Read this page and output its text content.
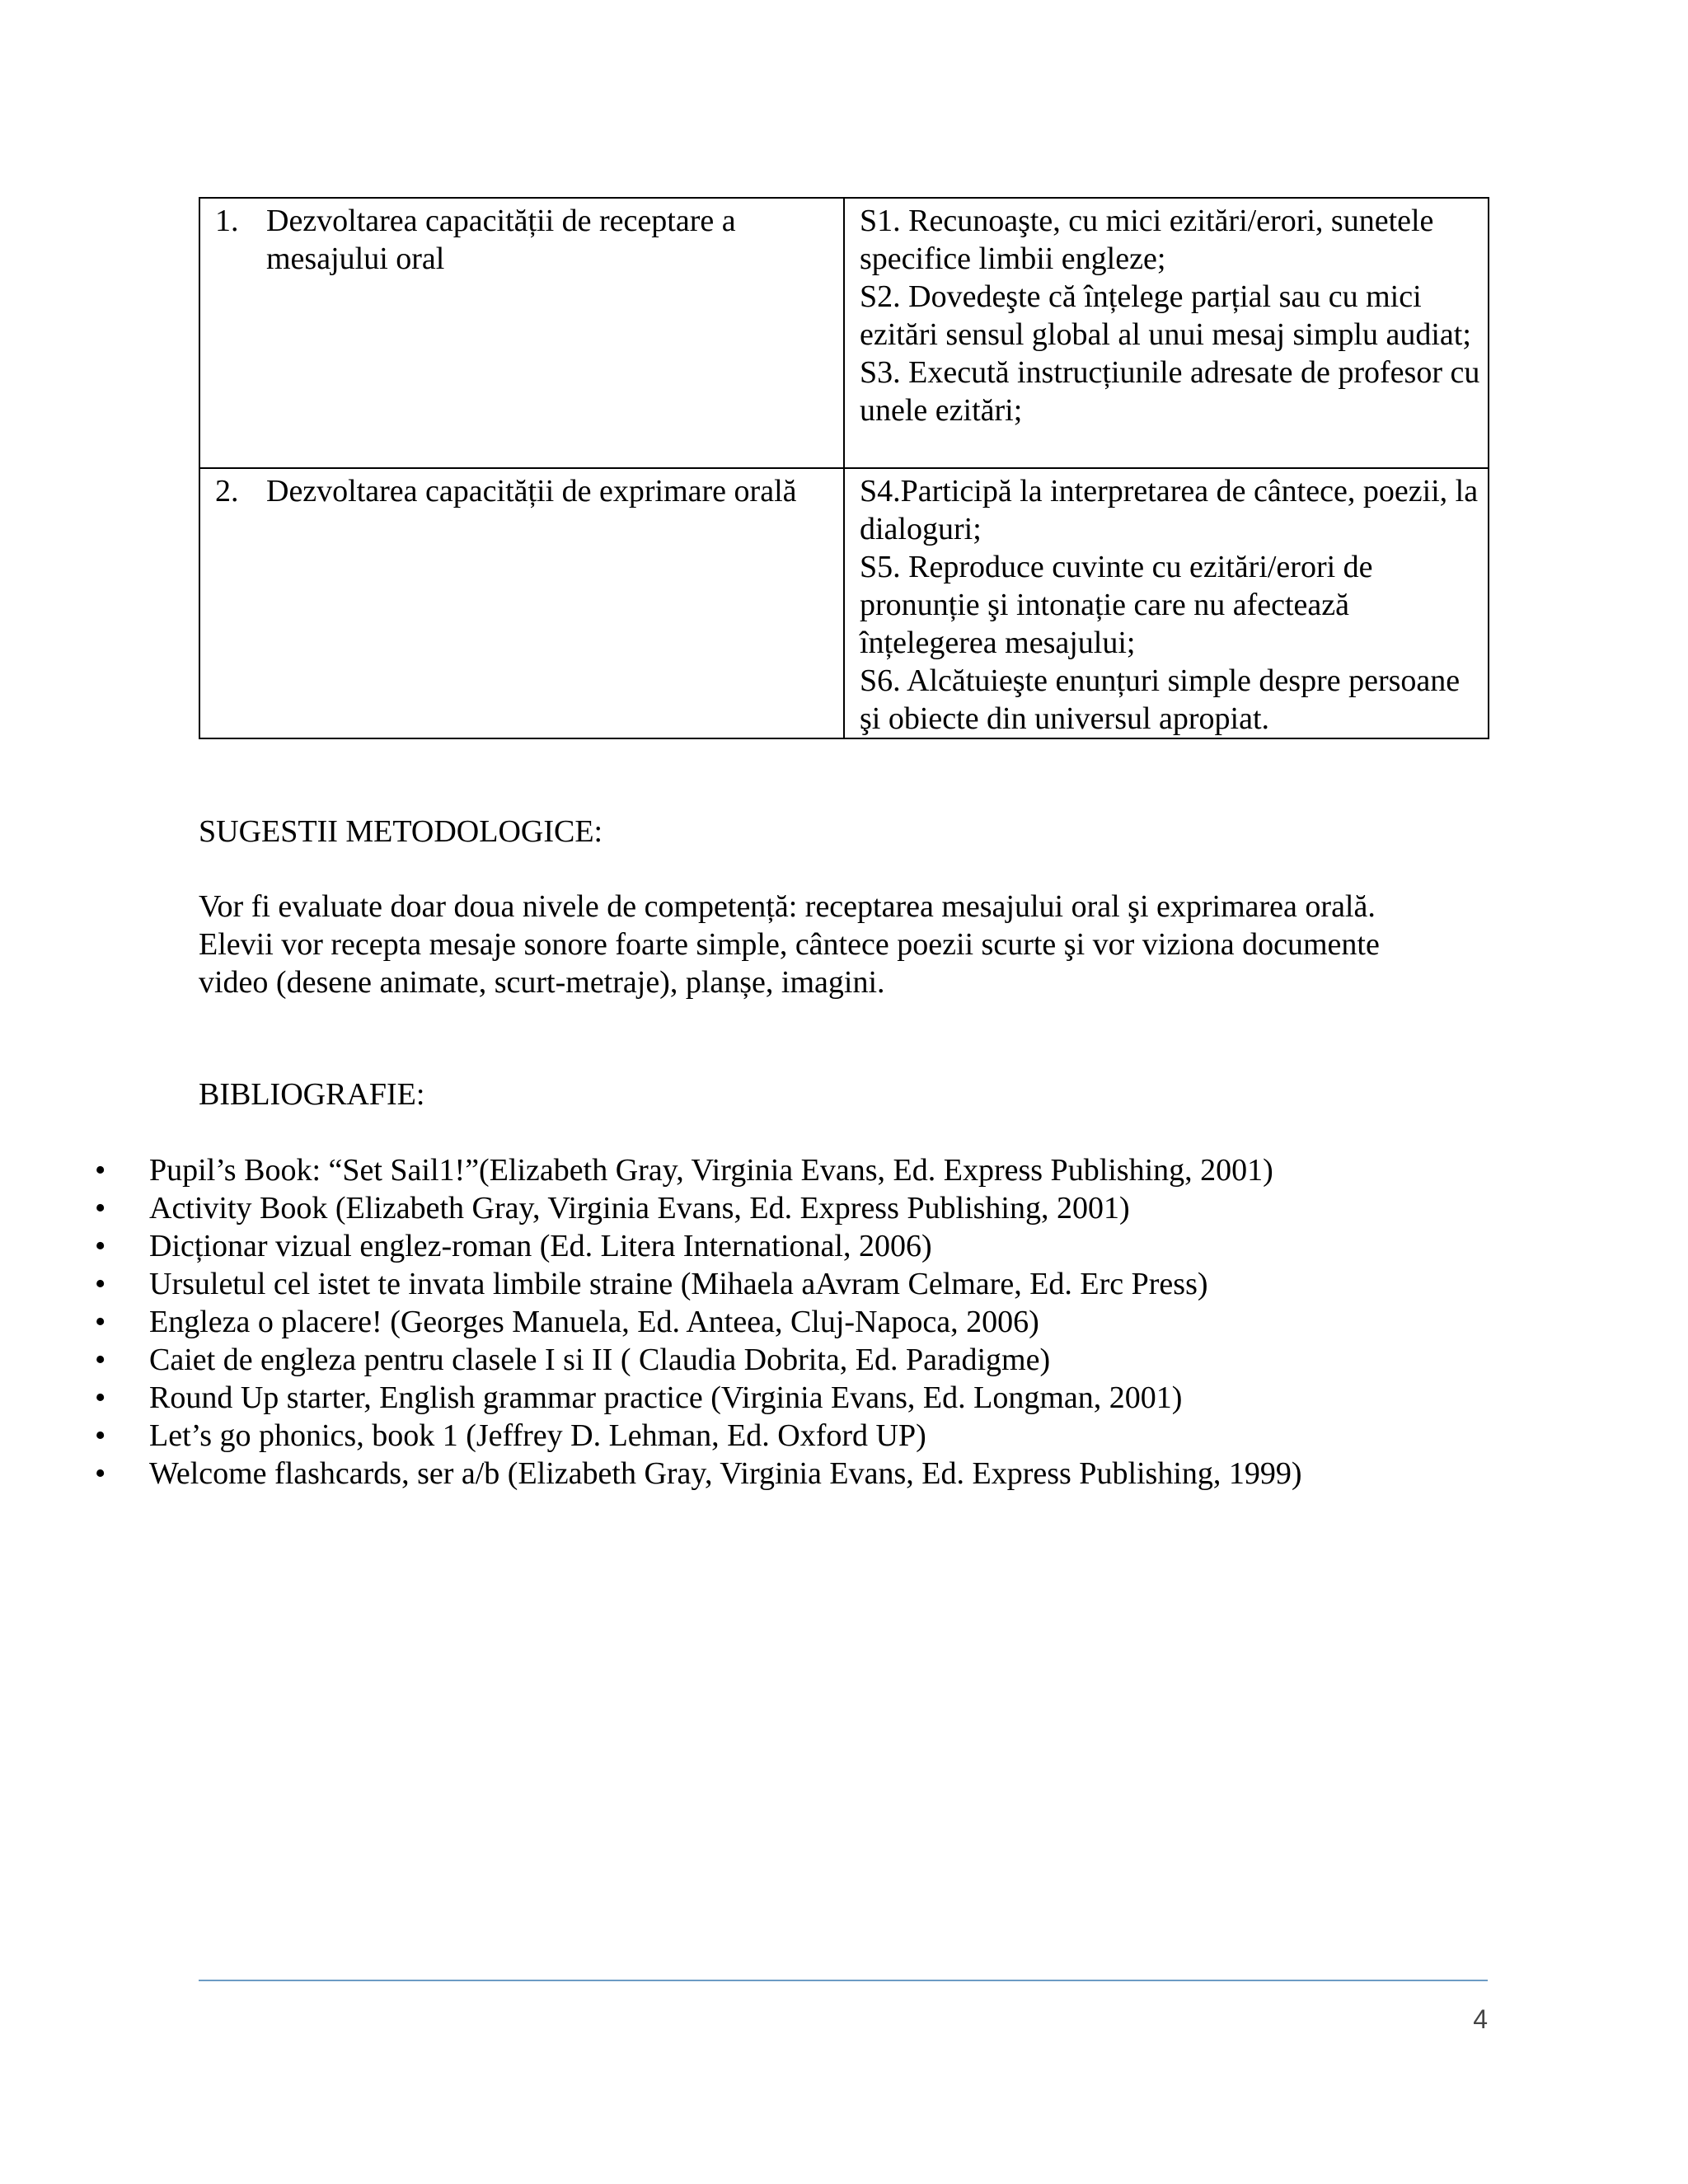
1. Dezvoltarea capacității de receptare a mesajului oral	S1. Recunoaşte, cu mici ezitări/erori, sunetele specifice limbii engleze;
S2. Dovedeşte că înțelege parțial sau cu mici ezitări sensul global al unui mesaj simplu audiat;
S3. Execută instrucțiunile adresate de profesor cu unele ezitări;

2. Dezvoltarea capacității de exprimare orală	S4.Participă la interpretarea de cântece, poezii, la dialoguri;
S5. Reproduce cuvinte cu ezitări/erori de pronunție şi intonație care nu afectează înțelegerea mesajului;
S6. Alcătuieşte enunțuri simple despre persoane şi obiecte din universul apropiat.
SUGESTII METODOLOGICE:
Vor fi evaluate doar doua nivele de competență: receptarea mesajului oral şi exprimarea orală.
Elevii vor recepta mesaje sonore foarte simple, cântece poezii scurte şi vor viziona documente
video (desene animate, scurt-metraje), planșe, imagini.
BIBLIOGRAFIE:
• Pupil’s Book: “Set Sail1!”(Elizabeth Gray, Virginia Evans, Ed. Express Publishing, 2001)
• Activity Book (Elizabeth Gray, Virginia Evans, Ed. Express Publishing, 2001)
• Dicționar vizual englez-roman (Ed. Litera International, 2006)
• Ursuletul cel istet te invata limbile straine (Mihaela aAvram Celmare, Ed. Erc Press)
• Engleza o placere! (Georges Manuela, Ed. Anteea, Cluj-Napoca, 2006)
• Caiet de engleza pentru clasele I si II ( Claudia Dobrita, Ed. Paradigme)
• Round Up starter, English grammar practice (Virginia Evans, Ed. Longman, 2001)
• Let’s go phonics, book 1 (Jeffrey D. Lehman, Ed. Oxford UP)
• Welcome flashcards, ser a/b (Elizabeth Gray, Virginia Evans, Ed. Express Publishing, 1999)
4
